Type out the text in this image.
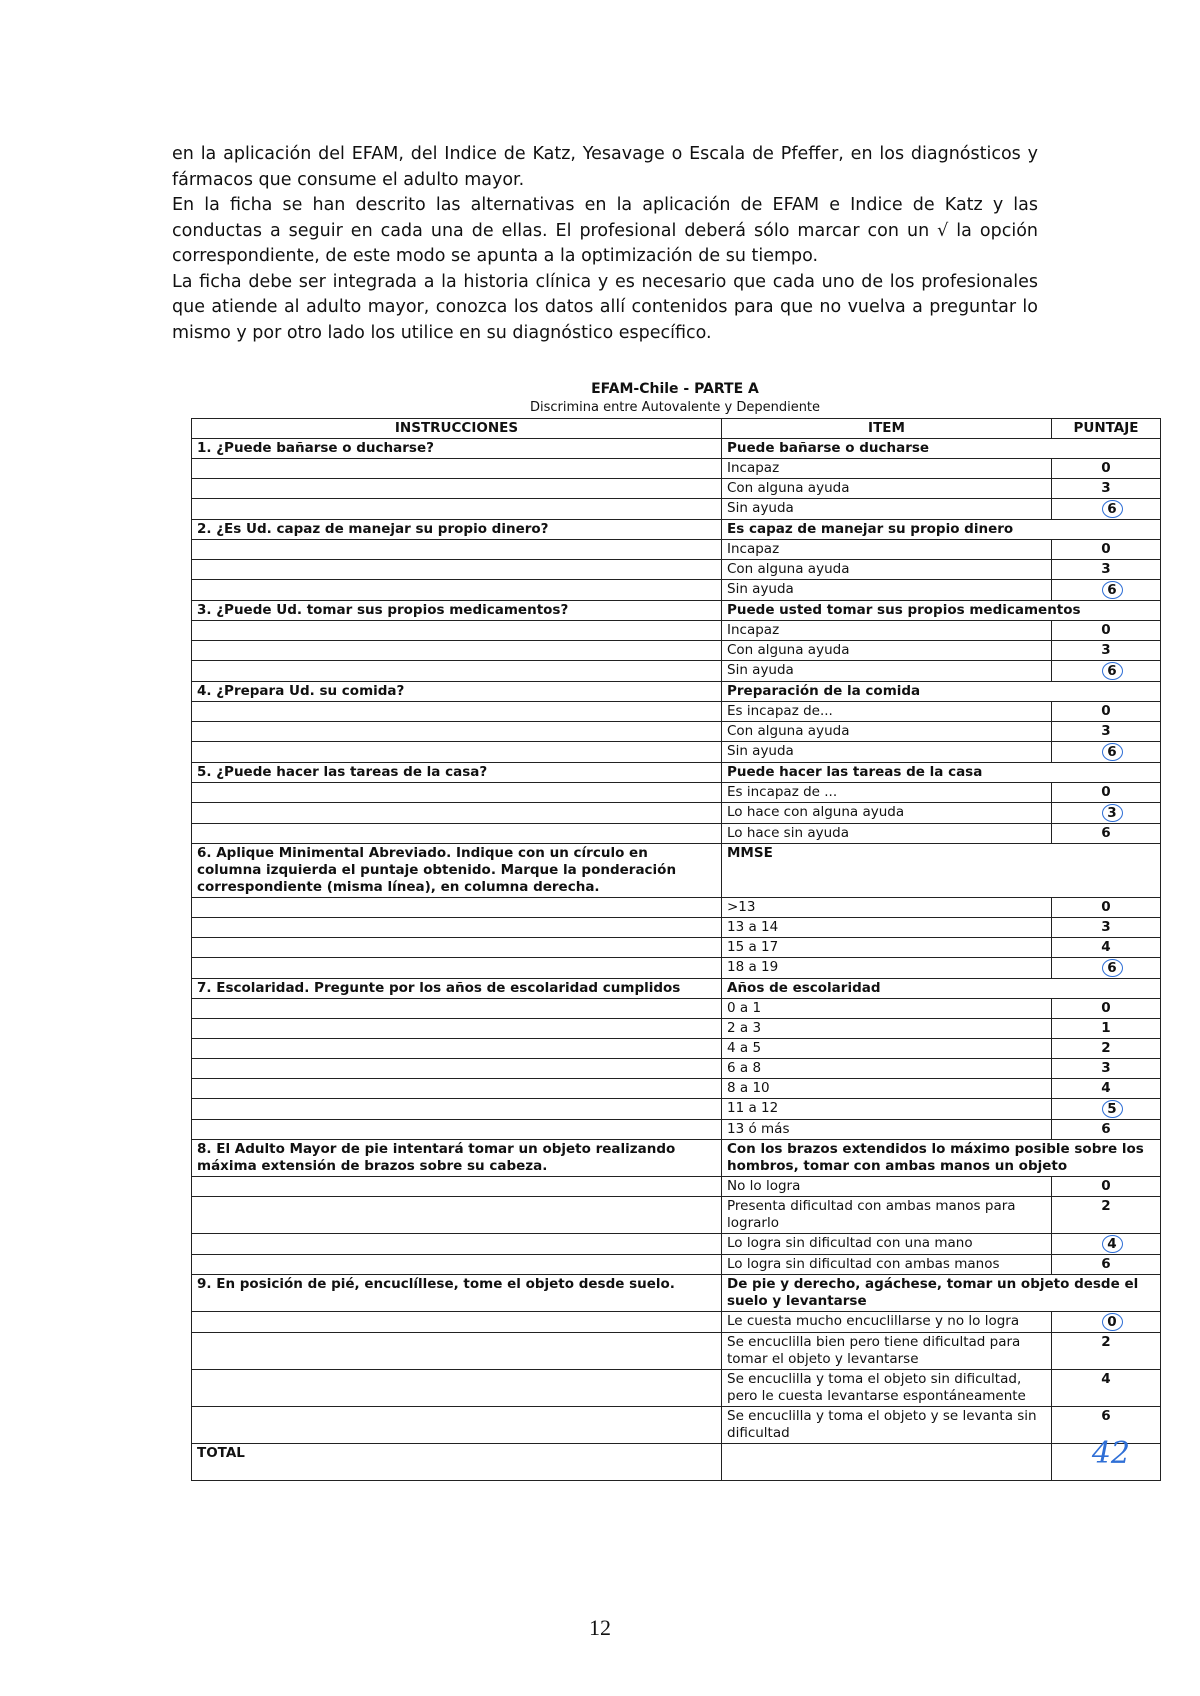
en la aplicación del EFAM, del Indice de Katz, Yesavage o Escala de Pfeffer, en los diagnósticos y fármacos que consume el adulto mayor.

En la ficha se han descrito las alternativas en la aplicación de EFAM e Indice de Katz y las conductas a seguir en cada una de ellas. El profesional deberá sólo marcar con un √ la opción correspondiente, de este modo se apunta a la optimización de su tiempo.

La ficha debe ser integrada a la historia clínica y es necesario que cada uno de los profesionales que atiende al adulto mayor, conozca los datos allí contenidos para que no vuelva a preguntar lo mismo y por otro lado los utilice en su diagnóstico específico.

EFAM-Chile - PARTE A
Discrimina entre Autovalente y Dependiente
INSTRUCCIONES	ITEM	PUNTAJE
1. ¿Puede bañarse o ducharse?	Puede bañarse o ducharse	
	Incapaz	0
	Con alguna ayuda	3
	Sin ayuda	6
2. ¿Es Ud. capaz de manejar su propio dinero?	Es capaz de manejar su propio dinero	
	Incapaz	0
	Con alguna ayuda	3
	Sin ayuda	6
3. ¿Puede Ud. tomar sus propios medicamentos?	Puede usted tomar sus propios medicamentos	
	Incapaz	0
	Con alguna ayuda	3
	Sin ayuda	6
4. ¿Prepara Ud. su comida?	Preparación de la comida	
	Es incapaz de...	0
	Con alguna ayuda	3
	Sin ayuda	6
5. ¿Puede hacer las tareas de la casa?	Puede hacer las tareas de la casa	
	Es incapaz de ...	0
	Lo hace con alguna ayuda	3
	Lo hace sin ayuda	6
6. Aplique Minimental Abreviado. Indique con un círculo en columna izquierda el puntaje obtenido. Marque la ponderación correspondiente (misma línea), en columna derecha.	MMSE	
	>13	0
	13 a 14	3
	15 a 17	4
	18 a 19	6
7. Escolaridad. Pregunte por los años de escolaridad cumplidos	Años de escolaridad	
	0 a 1	0
	2 a 3	1
	4 a 5	2
	6 a 8	3
	8 a 10	4
	11 a 12	5
	13 ó más	6
8. El Adulto Mayor de pie intentará tomar un objeto realizando máxima extensión de brazos sobre su cabeza.	Con los brazos extendidos lo máximo posible sobre los hombros, tomar con ambas manos un objeto	
	No lo logra	0
	Presenta dificultad con ambas manos para lograrlo	2
	Lo logra sin dificultad con una mano	4
	Lo logra sin dificultad con ambas manos	6
9. En posición de pié, encuclíllese, tome el objeto desde suelo.	De pie y derecho, agáchese, tomar un objeto desde el suelo y levantarse	
	Le cuesta mucho encuclillarse y no lo logra	0
	Se encuclilla bien pero tiene dificultad para tomar el objeto y levantarse	2
	Se encuclilla y toma el objeto sin dificultad, pero le cuesta levantarse espontáneamente	4
	Se encuclilla y toma el objeto y se levanta sin dificultad	6
TOTAL		42
12
